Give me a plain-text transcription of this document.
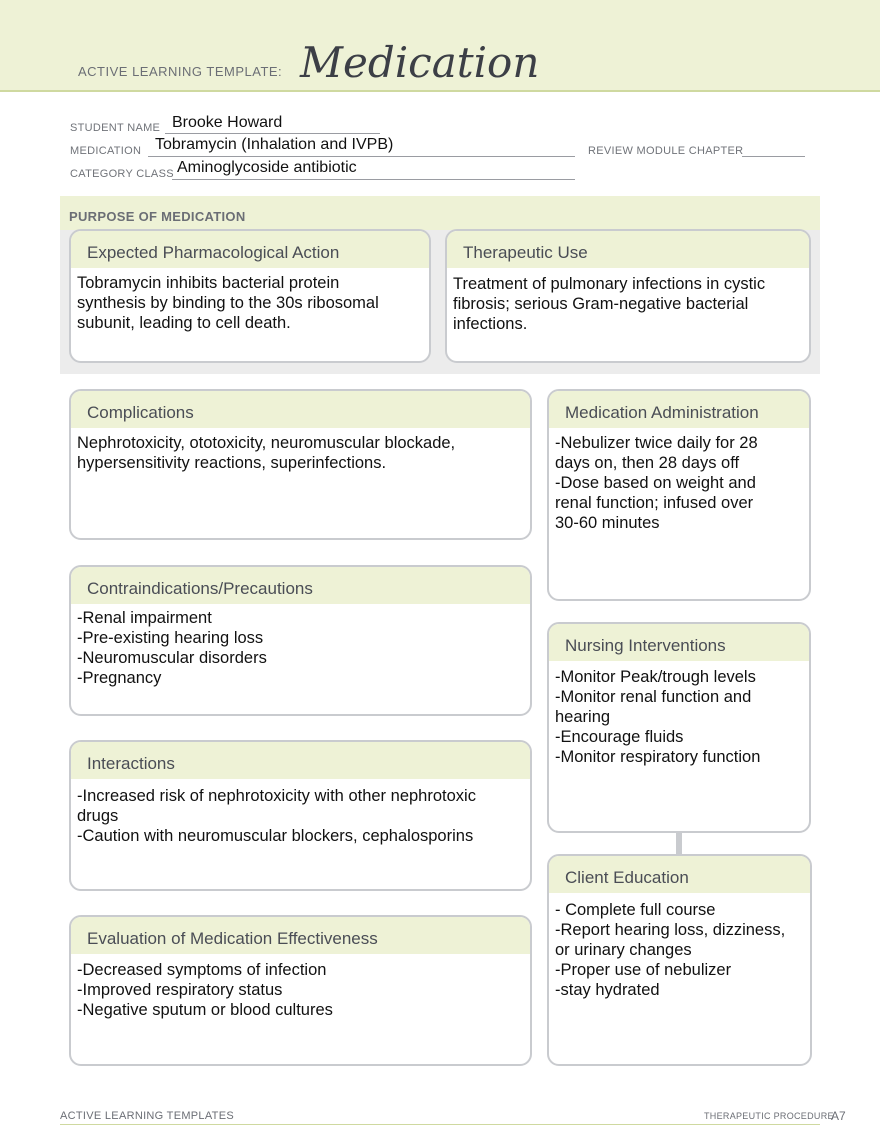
ACTIVE LEARNING TEMPLATE: Medication
STUDENT NAME Brooke Howard
MEDICATION Tobramycin (Inhalation and IVPB)	REVIEW MODULE CHAPTER
CATEGORY CLASS Aminoglycoside antibiotic
PURPOSE OF MEDICATION
Expected Pharmacological Action
Tobramycin inhibits bacterial protein
synthesis by binding to the 30s ribosomal
subunit, leading to cell death.
Therapeutic Use
Treatment of pulmonary infections in cystic
fibrosis; serious Gram-negative bacterial
infections.
Complications
Nephrotoxicity, ototoxicity, neuromuscular blockade,
hypersensitivity reactions, superinfections.
Contraindications/Precautions
-Renal impairment
-Pre-existing hearing loss
-Neuromuscular disorders
-Pregnancy
Interactions
-Increased risk of nephrotoxicity with other nephrotoxic
drugs
-Caution with neuromuscular blockers, cephalosporins
Evaluation of Medication Effectiveness
-Decreased symptoms of infection
-Improved respiratory status
-Negative sputum or blood cultures
Medication Administration
-Nebulizer twice daily for 28
days on, then 28 days off
-Dose based on weight and
renal function; infused over
30-60 minutes
Nursing Interventions
-Monitor Peak/trough levels
-Monitor renal function and
hearing
-Encourage fluids
-Monitor respiratory function
Client Education
- Complete full course
-Report hearing loss, dizziness,
or urinary changes
-Proper use of nebulizer
-stay hydrated
ACTIVE LEARNING TEMPLATES	THERAPEUTIC PROCEDURE
A7
